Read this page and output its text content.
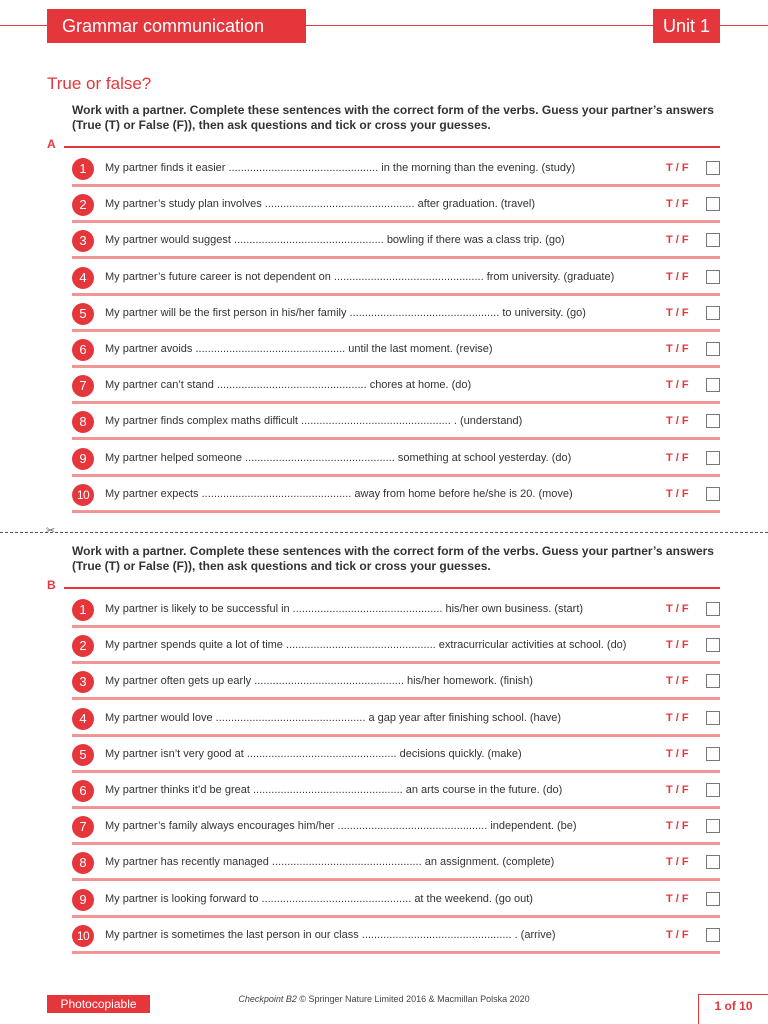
Grammar communication	Unit 1
True or false?
Work with a partner. Complete these sentences with the correct form of the verbs. Guess your partner’s answers (True (T) or False (F)), then ask questions and tick or cross your guesses.
A
1	My partner finds it easier ................................................. in the morning than the evening. (study)	T / F
2	My partner’s study plan involves ................................................. after graduation. (travel)	T / F
3	My partner would suggest ................................................. bowling if there was a class trip. (go)	T / F
4	My partner’s future career is not dependent on ................................................. from university. (graduate)	T / F
5	My partner will be the first person in his/her family ................................................. to university. (go)	T / F
6	My partner avoids ................................................. until the last moment. (revise)	T / F
7	My partner can’t stand ................................................. chores at home. (do)	T / F
8	My partner finds complex maths difficult ................................................. . (understand)	T / F
9	My partner helped someone ................................................. something at school yesterday. (do)	T / F
10	My partner expects ................................................. away from home before he/she is 20. (move)	T / F
✂
Work with a partner. Complete these sentences with the correct form of the verbs. Guess your partner’s answers (True (T) or False (F)), then ask questions and tick or cross your guesses.
B
1	My partner is likely to be successful in ................................................. his/her own business. (start)	T / F
2	My partner spends quite a lot of time ................................................. extracurricular activities at school. (do)	T / F
3	My partner often gets up early ................................................. his/her homework. (finish)	T / F
4	My partner would love ................................................. a gap year after finishing school. (have)	T / F
5	My partner isn’t very good at ................................................. decisions quickly. (make)	T / F
6	My partner thinks it’d be great ................................................. an arts course in the future. (do)	T / F
7	My partner’s family always encourages him/her ................................................. independent. (be)	T / F
8	My partner has recently managed ................................................. an assignment. (complete)	T / F
9	My partner is looking forward to ................................................. at the weekend. (go out)	T / F
10	My partner is sometimes the last person in our class ................................................. . (arrive)	T / F
Photocopiable	Checkpoint B2 © Springer Nature Limited 2016 & Macmillan Polska 2020	1 of 10
